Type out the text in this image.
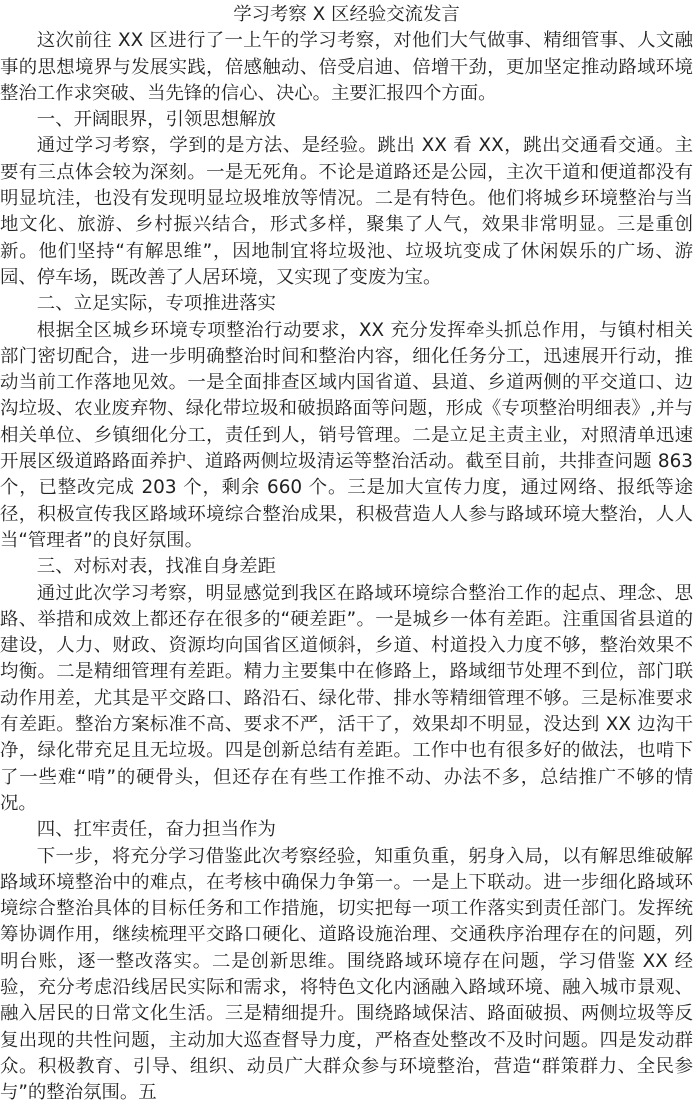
学习考察 X 区经验交流发言

这次前往 XX 区进行了一上午的学习考察，对他们大气做事、精细管事、人文融事的思想境界与发展实践，倍感触动、倍受启迪、倍增干劲，更加坚定推动路域环境整治工作求突破、当先锋的信心、决心。主要汇报四个方面。

一、开阔眼界，引领思想解放

通过学习考察，学到的是方法、是经验。跳出 XX 看 XX，跳出交通看交通。主要有三点体会较为深刻。一是无死角。不论是道路还是公园，主次干道和便道都没有明显坑洼，也没有发现明显垃圾堆放等情况。二是有特色。他们将城乡环境整治与当地文化、旅游、乡村振兴结合，形式多样，聚集了人气，效果非常明显。三是重创新。他们坚持“有解思维”，因地制宜将垃圾池、垃圾坑变成了休闲娱乐的广场、游园、停车场，既改善了人居环境，又实现了变废为宝。

二、立足实际，专项推进落实

根据全区城乡环境专项整治行动要求，XX 充分发挥牵头抓总作用，与镇村相关部门密切配合，进一步明确整治时间和整治内容，细化任务分工，迅速展开行动，推动当前工作落地见效。一是全面排查区域内国省道、县道、乡道两侧的平交道口、边沟垃圾、农业废弃物、绿化带垃圾和破损路面等问题，形成《专项整治明细表》,并与相关单位、乡镇细化分工，责任到人，销号管理。二是立足主责主业，对照清单迅速开展区级道路路面养护、道路两侧垃圾清运等整治活动。截至目前，共排查问题 863 个，已整改完成 203 个，剩余 660 个。三是加大宣传力度，通过网络、报纸等途径，积极宣传我区路域环境综合整治成果，积极营造人人参与路域环境大整治，人人当“管理者”的良好氛围。

三、对标对表，找准自身差距

通过此次学习考察，明显感觉到我区在路域环境综合整治工作的起点、理念、思路、举措和成效上都还存在很多的“硬差距”。一是城乡一体有差距。注重国省县道的建设，人力、财政、资源均向国省区道倾斜，乡道、村道投入力度不够，整治效果不均衡。二是精细管理有差距。精力主要集中在修路上，路域细节处理不到位，部门联动作用差，尤其是平交路口、路沿石、绿化带、排水等精细管理不够。三是标准要求有差距。整治方案标准不高、要求不严，活干了，效果却不明显，没达到 XX 边沟干净，绿化带充足且无垃圾。四是创新总结有差距。工作中也有很多好的做法，也啃下了一些难“啃”的硬骨头，但还存在有些工作推不动、办法不多，总结推广不够的情况。

四、扛牢责任，奋力担当作为

下一步，将充分学习借鉴此次考察经验，知重负重，躬身入局，以有解思维破解路域环境整治中的难点，在考核中确保力争第一。一是上下联动。进一步细化路域环境综合整治具体的目标任务和工作措施，切实把每一项工作落实到责任部门。发挥统筹协调作用，继续梳理平交路口硬化、道路设施治理、交通秩序治理存在的问题，列明台账，逐一整改落实。二是创新思维。围绕路域环境存在问题，学习借鉴 XX 经验，充分考虑沿线居民实际和需求，将特色文化内涵融入路域环境、融入城市景观、融入居民的日常文化生活。三是精细提升。围绕路域保洁、路面破损、两侧垃圾等反复出现的共性问题，主动加大巡查督导力度，严格查处整改不及时问题。四是发动群众。积极教育、引导、组织、动员广大群众参与环境整治，营造“群策群力、全民参与”的整治氛围。五
